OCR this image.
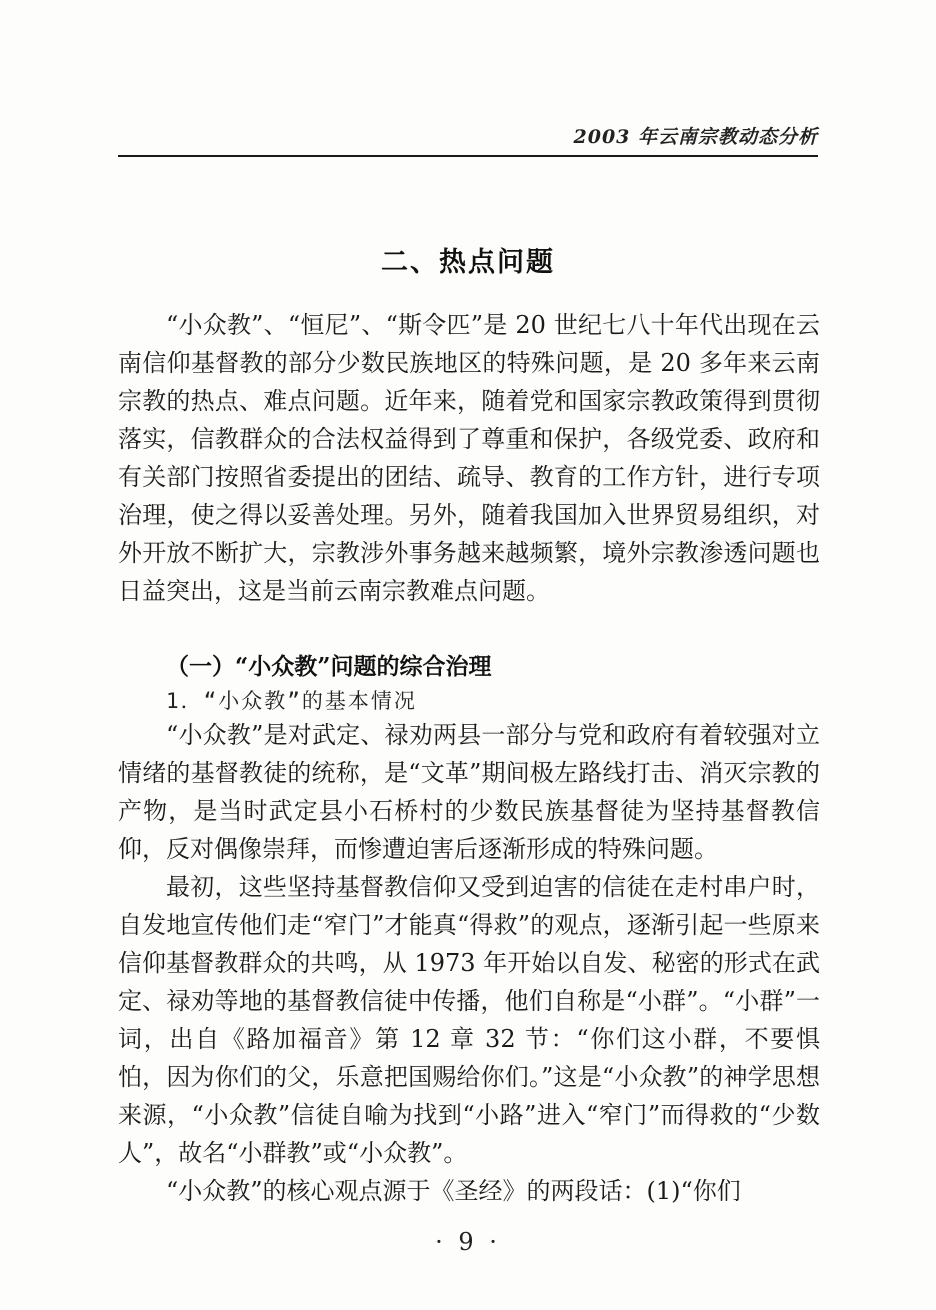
2003 年云南宗教动态分析
二、热点问题

“小众教”、“恒尼”、“斯令匹”是 20 世纪七八十年代出现在云南信仰基督教的部分少数民族地区的特殊问题，是 20 多年来云南宗教的热点、难点问题。近年来，随着党和国家宗教政策得到贯彻落实，信教群众的合法权益得到了尊重和保护，各级党委、政府和有关部门按照省委提出的团结、疏导、教育的工作方针，进行专项治理，使之得以妥善处理。另外，随着我国加入世界贸易组织，对外开放不断扩大，宗教涉外事务越来越频繁，境外宗教渗透问题也日益突出，这是当前云南宗教难点问题。

（一）“小众教”问题的综合治理
1．“小众教”的基本情况

“小众教”是对武定、禄劝两县一部分与党和政府有着较强对立情绪的基督教徒的统称，是“文革”期间极左路线打击、消灭宗教的产物，是当时武定县小石桥村的少数民族基督徒为坚持基督教信仰，反对偶像崇拜，而惨遭迫害后逐渐形成的特殊问题。

最初，这些坚持基督教信仰又受到迫害的信徒在走村串户时，自发地宣传他们走“窄门”才能真“得救”的观点，逐渐引起一些原来信仰基督教群众的共鸣，从 1973 年开始以自发、秘密的形式在武定、禄劝等地的基督教信徒中传播，他们自称是“小群”。“小群”一词，出自《路加福音》第 12 章 32 节：“你们这小群，不要惧怕，因为你们的父，乐意把国赐给你们。”这是“小众教”的神学思想来源，“小众教”信徒自喻为找到“小路”进入“窄门”而得救的“少数人”，故名“小群教”或“小众教”。

“小众教”的核心观点源于《圣经》的两段话：(1)“你们

· 9 ·
